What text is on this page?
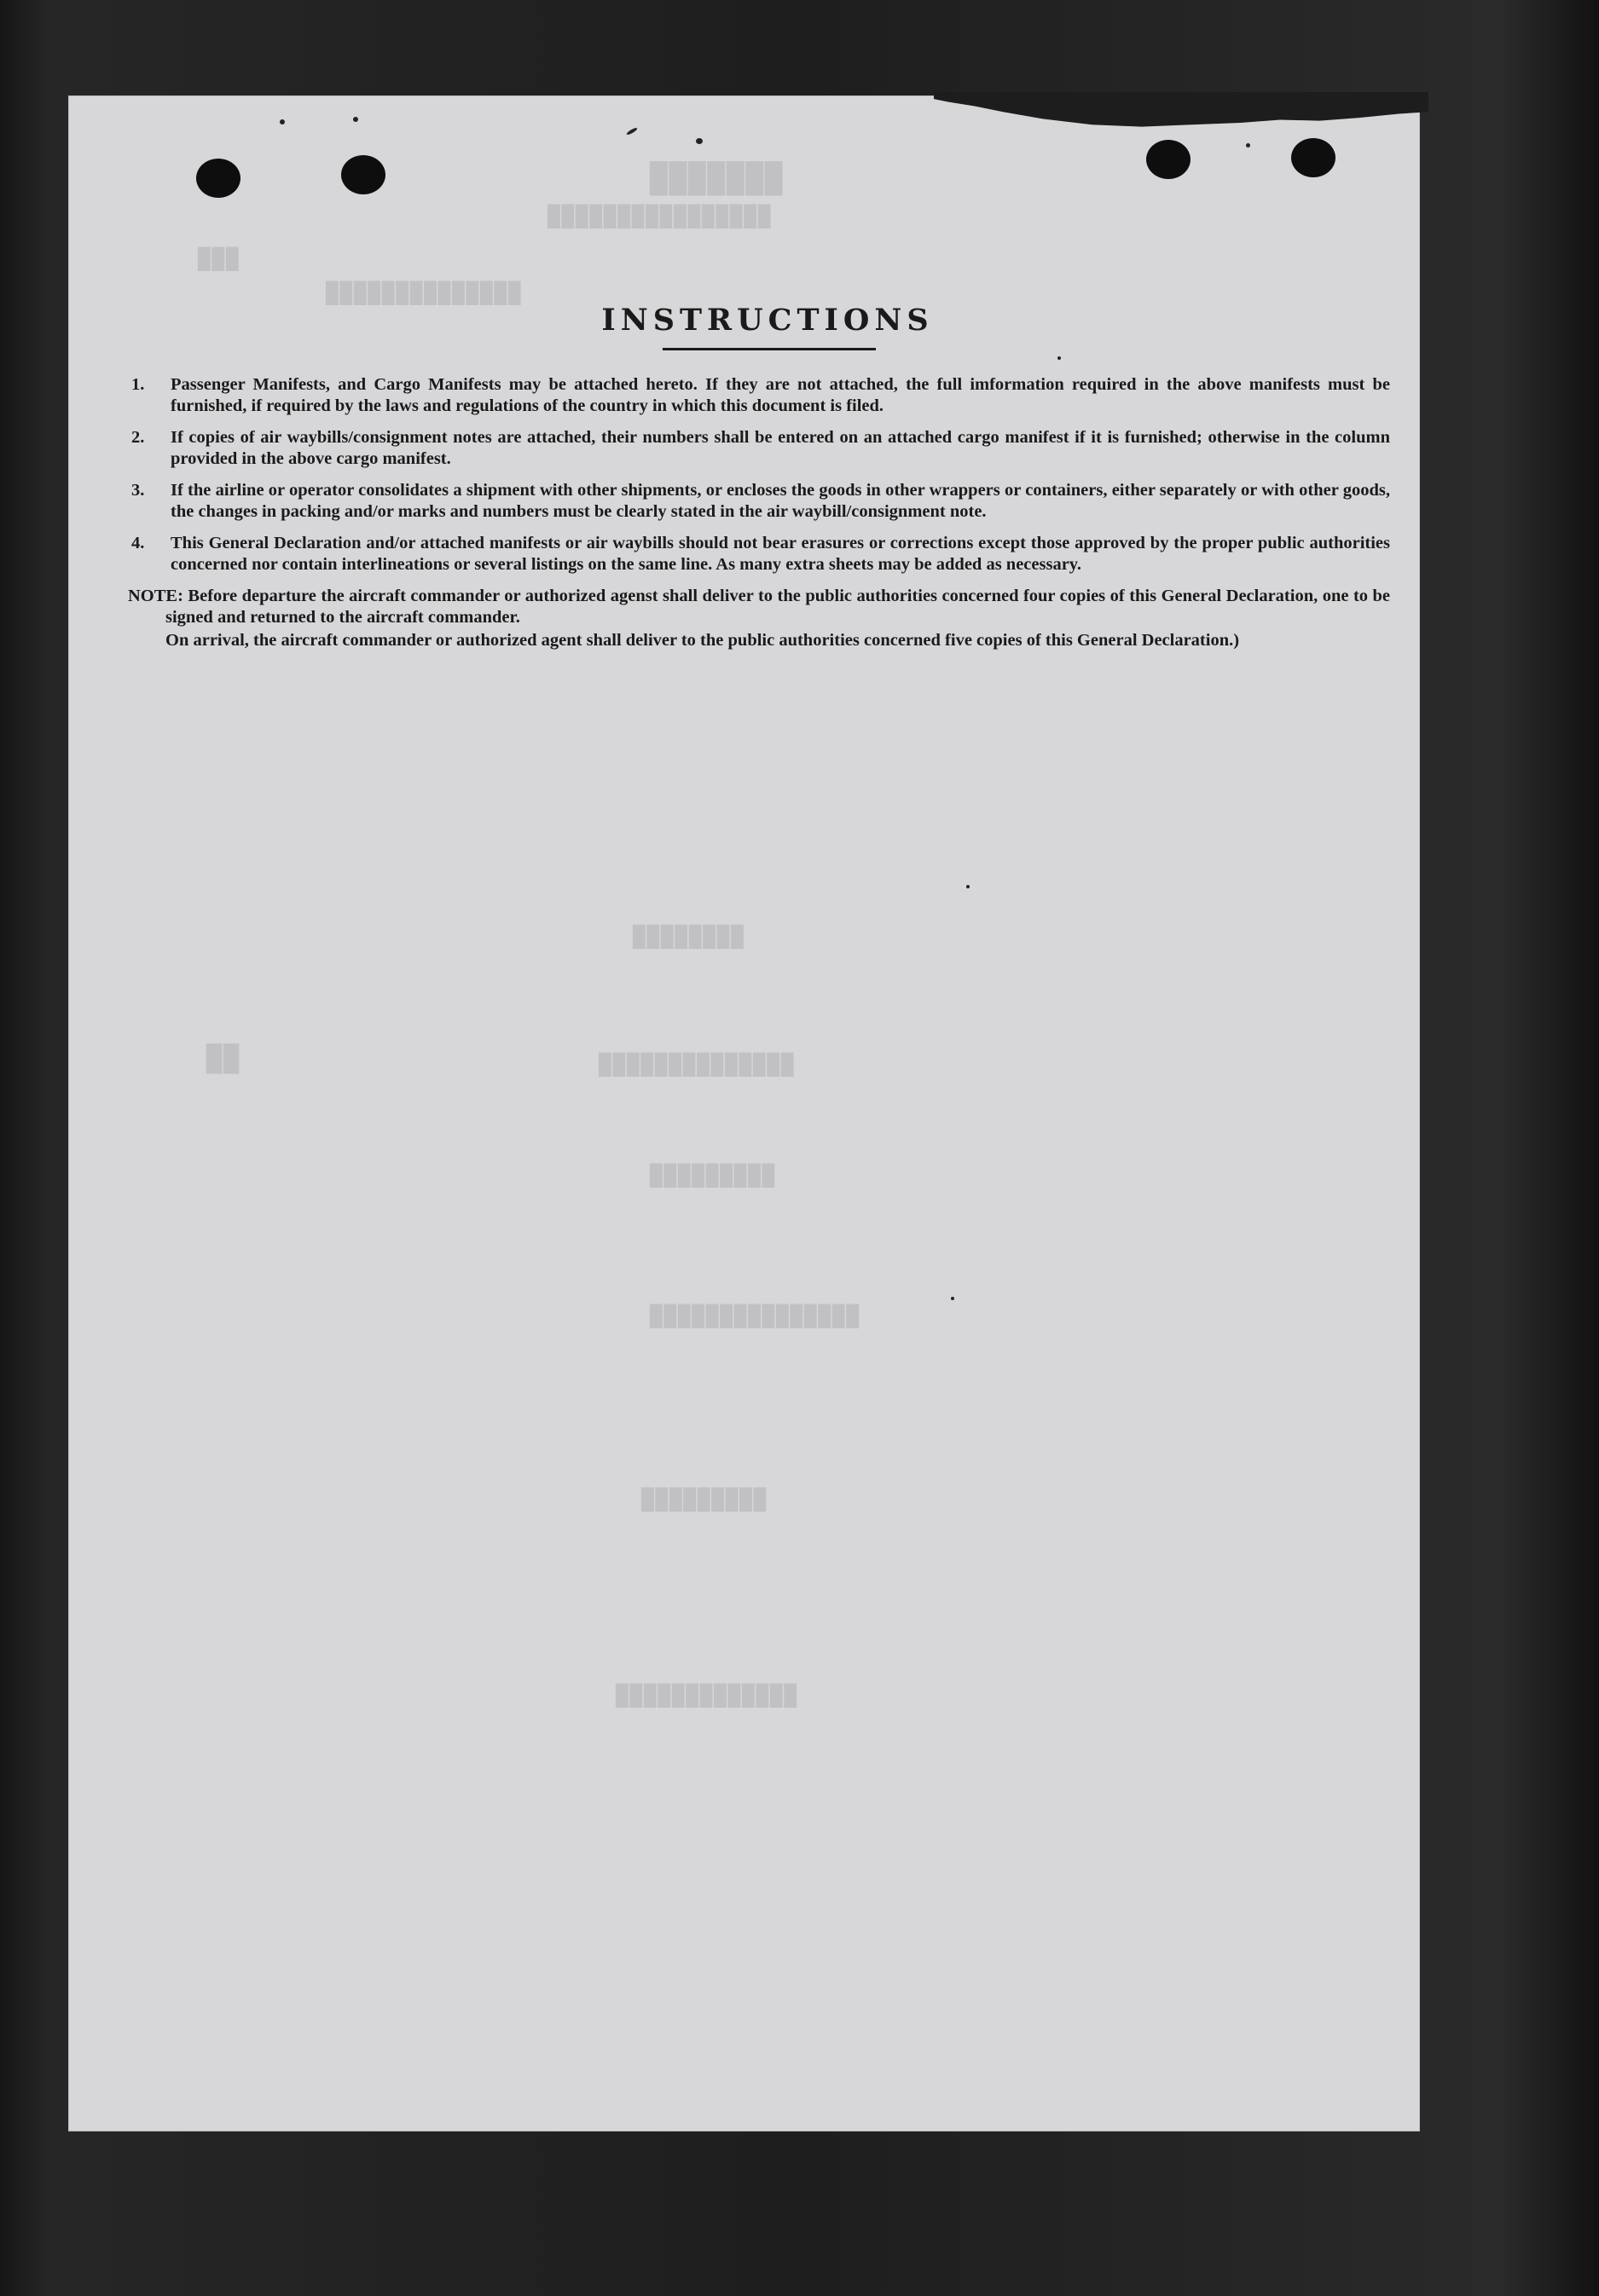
███████
████████████████
███
██████████████
████████
██████████████
██
█████████
███████████████
█████████
█████████████
INSTRUCTIONS
1.	Passenger Manifests, and Cargo Manifests may be attached hereto. If they are not attached, the full imformation required in the above manifests must be furnished, if required by the laws and regulations of the country in which this document is filed.
2.	If copies of air waybills/consignment notes are attached, their numbers shall be entered on an attached cargo manifest if it is furnished; otherwise in the column provided in the above cargo manifest.
3.	If the airline or operator consolidates a shipment with other shipments, or encloses the goods in other wrappers or containers, either separately or with other goods, the changes in packing and/or marks and numbers must be clearly stated in the air waybill/consignment note.
4.	This General Declaration and/or attached manifests or air waybills should not bear erasures or corrections except those approved by the proper public authorities concerned nor contain interlineations or several listings on the same line. As many extra sheets may be added as necessary.
NOTE: Before departure the aircraft commander or authorized agenst shall deliver to the public authorities concerned four copies of this General Declaration, one to be signed and returned to the aircraft commander.
On arrival, the aircraft commander or authorized agent shall deliver to the public authorities concerned five copies of this General Declaration.)
